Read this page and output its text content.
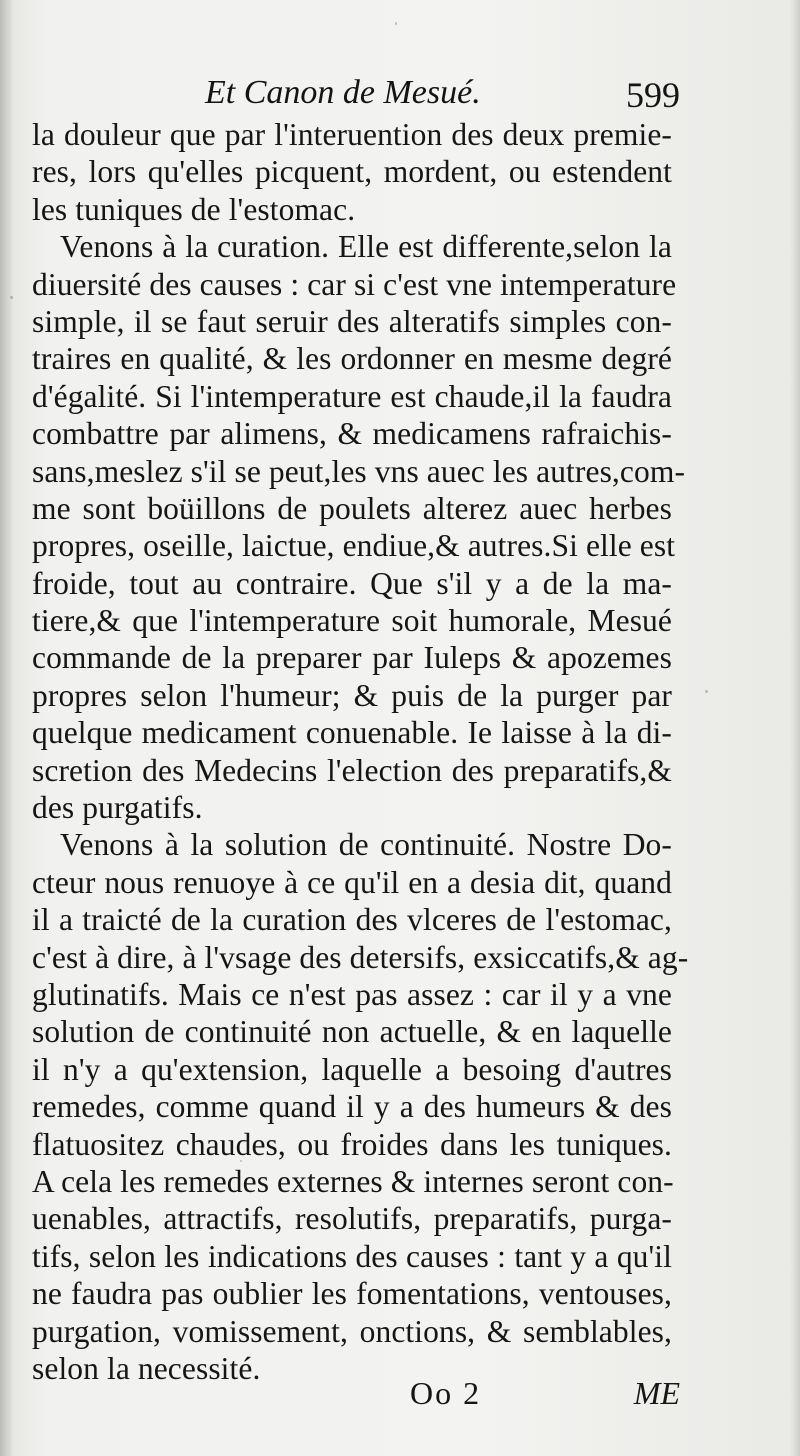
Et Canon de Mesué.	599
la douleur que par l'interuention des deux premie-
res, lors qu'elles picquent, mordent, ou estendent
les tuniques de l'estomac.
Venons à la curation. Elle est differente,selon la
diuersité des causes : car si c'est vne intemperature
simple, il se faut seruir des alteratifs simples con-
traires en qualité, & les ordonner en mesme degré
d'égalité. Si l'intemperature est chaude,il la faudra
combattre par alimens, & medicamens rafraichis-
sans,meslez s'il se peut,les vns auec les autres,com-
me sont boüillons de poulets alterez auec herbes
propres, oseille, laictue, endiue,& autres.Si elle est
froide, tout au contraire. Que s'il y a de la ma-
tiere,& que l'intemperature soit humorale, Mesué
commande de la preparer par Iuleps & apozemes
propres selon l'humeur; & puis de la purger par
quelque medicament conuenable. Ie laisse à la di-
scretion des Medecins l'election des preparatifs,&
des purgatifs.
Venons à la solution de continuité. Nostre Do-
cteur nous renuoye à ce qu'il en a desia dit, quand
il a traicté de la curation des vlceres de l'estomac,
c'est à dire, à l'vsage des detersifs, exsiccatifs,& ag-
glutinatifs. Mais ce n'est pas assez : car il y a vne
solution de continuité non actuelle, & en laquelle
il n'y a qu'extension, laquelle a besoing d'autres
remedes, comme quand il y a des humeurs & des
flatuositez chaudes, ou froides dans les tuniques.
A cela les remedes externes & internes seront con-
uenables, attractifs, resolutifs, preparatifs, purga-
tifs, selon les indications des causes : tant y a qu'il
ne faudra pas oublier les fomentations, ventouses,
purgation, vomissement, onctions, & semblables,
selon la necessité.
Oo 2	ME
